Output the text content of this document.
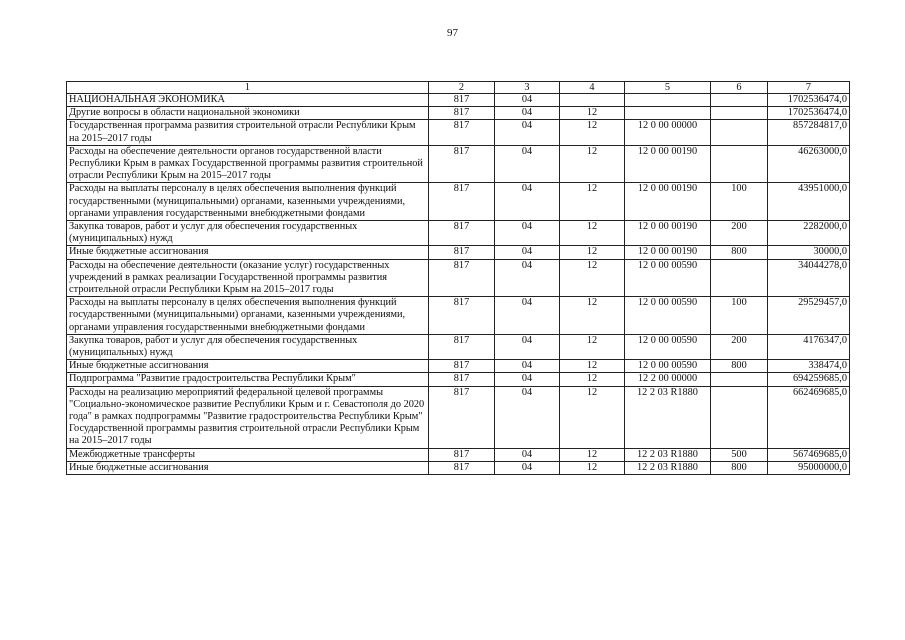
97
1	2	3	4	5	6	7
НАЦИОНАЛЬНАЯ ЭКОНОМИКА	817	04				1702536474,0
Другие вопросы в области национальной экономики	817	04	12			1702536474,0
Государственная программа развития строительной отрасли Республики Крым на 2015–2017 годы	817	04	12	12 0 00 00000		857284817,0
Расходы на обеспечение деятельности органов государственной власти Республики Крым в рамках Государственной программы развития строительной отрасли Республики Крым на 2015–2017 годы	817	04	12	12 0 00 00190		46263000,0
Расходы на выплаты персоналу в целях обеспечения выполнения функций государственными (муниципальными) органами, казенными учреждениями, органами управления государственными внебюджетными фондами	817	04	12	12 0 00 00190	100	43951000,0
Закупка товаров, работ и услуг для обеспечения государственных (муниципальных) нужд	817	04	12	12 0 00 00190	200	2282000,0
Иные бюджетные ассигнования	817	04	12	12 0 00 00190	800	30000,0
Расходы на обеспечение деятельности (оказание услуг) государственных учреждений в рамках реализации Государственной программы развития строительной отрасли Республики Крым на 2015–2017 годы	817	04	12	12 0 00 00590		34044278,0
Расходы на выплаты персоналу в целях обеспечения выполнения функций государственными (муниципальными) органами, казенными учреждениями, органами управления государственными внебюджетными фондами	817	04	12	12 0 00 00590	100	29529457,0
Закупка товаров, работ и услуг для обеспечения государственных (муниципальных) нужд	817	04	12	12 0 00 00590	200	4176347,0
Иные бюджетные ассигнования	817	04	12	12 0 00 00590	800	338474,0
Подпрограмма "Развитие градостроительства Республики Крым"	817	04	12	12 2 00 00000		694259685,0
Расходы на реализацию мероприятий федеральной целевой программы "Социально-экономическое развитие Республики Крым и г. Севастополя до 2020 года" в рамках подпрограммы "Развитие градостроительства Республики Крым" Государственной программы развития строительной отрасли Республики Крым на 2015–2017 годы	817	04	12	12 2 03 R1880		662469685,0
Межбюджетные трансферты	817	04	12	12 2 03 R1880	500	567469685,0
Иные бюджетные ассигнования	817	04	12	12 2 03 R1880	800	95000000,0
